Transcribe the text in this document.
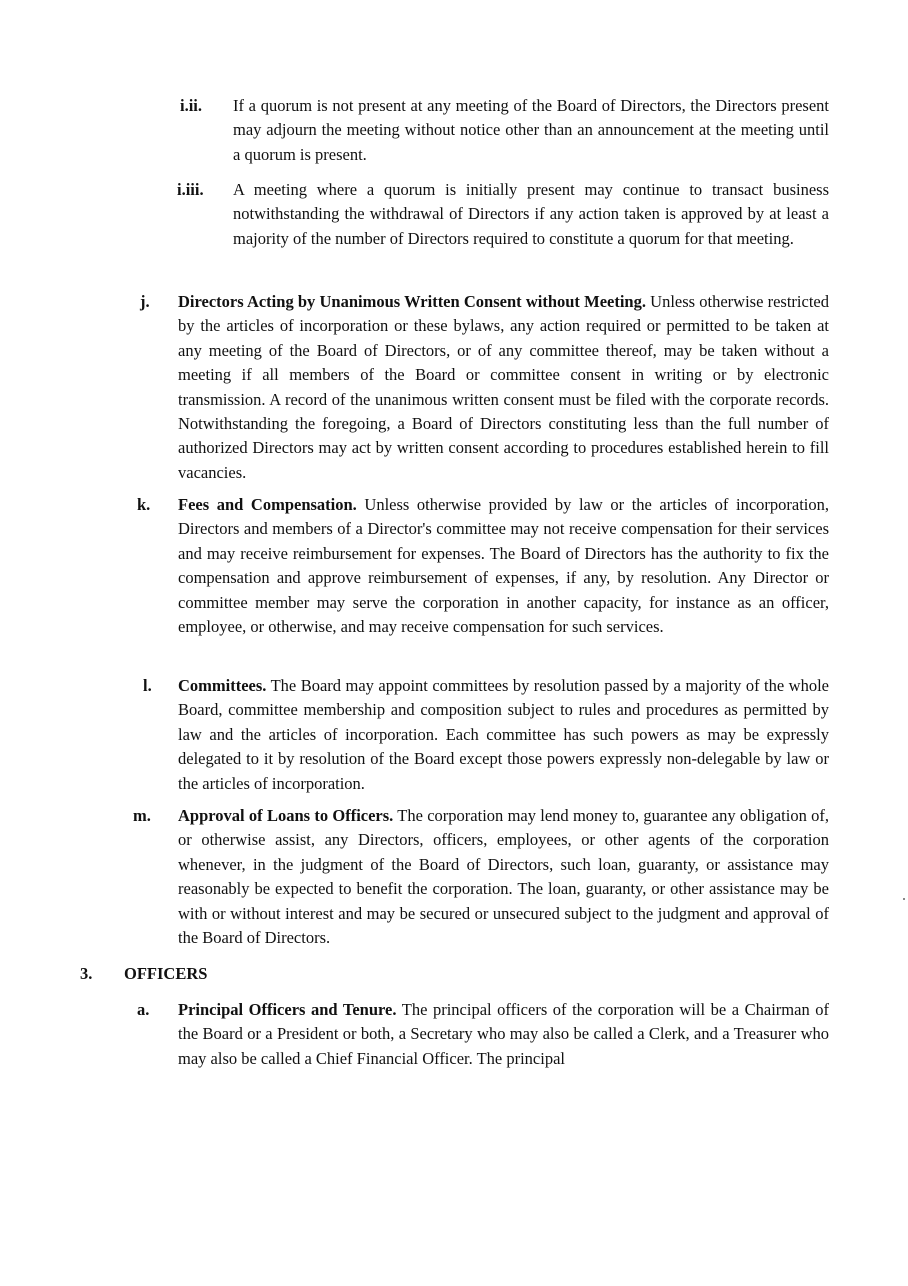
i.ii. If a quorum is not present at any meeting of the Board of Directors, the Directors present may adjourn the meeting without notice other than an announcement at the meeting until a quorum is present.

i.iii. A meeting where a quorum is initially present may continue to transact business notwithstanding the withdrawal of Directors if any action taken is approved by at least a majority of the number of Directors required to constitute a quorum for that meeting.

j. Directors Acting by Unanimous Written Consent without Meeting. Unless otherwise restricted by the articles of incorporation or these bylaws, any action required or permitted to be taken at any meeting of the Board of Directors, or of any committee thereof, may be taken without a meeting if all members of the Board or committee consent in writing or by electronic transmission. A record of the unanimous written consent must be filed with the corporate records. Notwithstanding the foregoing, a Board of Directors constituting less than the full number of authorized Directors may act by written consent according to procedures established herein to fill vacancies.

k. Fees and Compensation. Unless otherwise provided by law or the articles of incorporation, Directors and members of a Director's committee may not receive compensation for their services and may receive reimbursement for expenses. The Board of Directors has the authority to fix the compensation and approve reimbursement of expenses, if any, by resolution. Any Director or committee member may serve the corporation in another capacity, for instance as an officer, employee, or otherwise, and may receive compensation for such services.

l. Committees. The Board may appoint committees by resolution passed by a majority of the whole Board, committee membership and composition subject to rules and procedures as permitted by law and the articles of incorporation. Each committee has such powers as may be expressly delegated to it by resolution of the Board except those powers expressly non-delegable by law or the articles of incorporation.

m. Approval of Loans to Officers. The corporation may lend money to, guarantee any obligation of, or otherwise assist, any Directors, officers, employees, or other agents of the corporation whenever, in the judgment of the Board of Directors, such loan, guaranty, or assistance may reasonably be expected to benefit the corporation. The loan, guaranty, or other assistance may be with or without interest and may be secured or unsecured subject to the judgment and approval of the Board of Directors.

3. OFFICERS
a. Principal Officers and Tenure. The principal officers of the corporation will be a Chairman of the Board or a President or both, a Secretary who may also be called a Clerk, and a Treasurer who may also be called a Chief Financial Officer. The principal
